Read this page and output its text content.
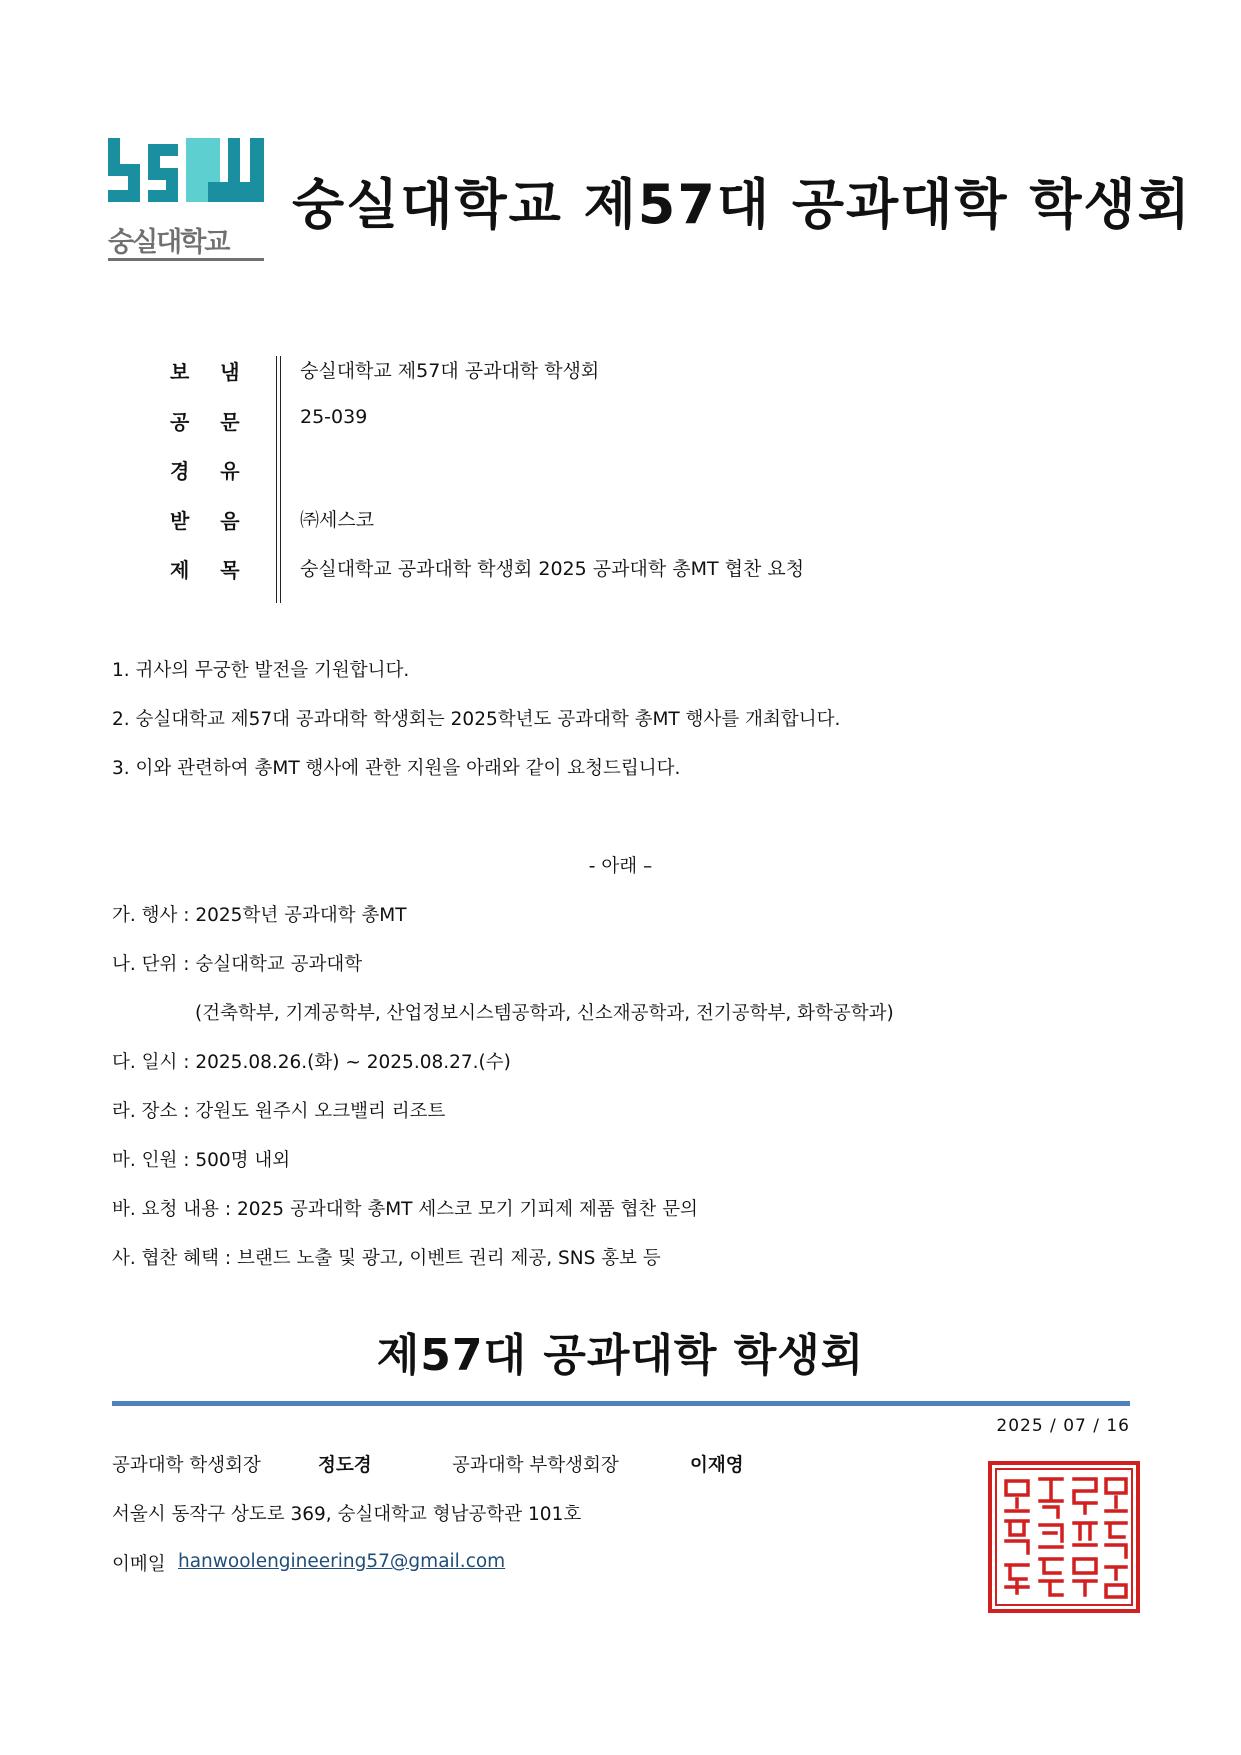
숭실대학교
숭실대학교 제57대 공과대학 학생회
보 냄	숭실대학교 제57대 공과대학 학생회
공 문	25-039
경 유
받 음	㈜세스코
제 목	숭실대학교 공과대학 학생회 2025 공과대학 총MT 협찬 요청
1. 귀사의 무궁한 발전을 기원합니다.
2. 숭실대학교 제57대 공과대학 학생회는 2025학년도 공과대학 총MT 행사를 개최합니다.
3. 이와 관련하여 총MT 행사에 관한 지원을 아래와 같이 요청드립니다.
- 아래 –
가. 행사 : 2025학년 공과대학 총MT
나. 단위 : 숭실대학교 공과대학
(건축학부, 기계공학부, 산업정보시스템공학과, 신소재공학과, 전기공학부, 화학공학과)
다. 일시 : 2025.08.26.(화) ~ 2025.08.27.(수)
라. 장소 : 강원도 원주시 오크밸리 리조트
마. 인원 : 500명 내외
바. 요청 내용 : 2025 공과대학 총MT 세스코 모기 기피제 제품 협찬 문의
사. 협찬 혜택 : 브랜드 노출 및 광고, 이벤트 권리 제공, SNS 홍보 등
제57대 공과대학 학생회
2025 / 07 / 16
공과대학 학생회장	정도경	공과대학 부학생회장	이재영
서울시 동작구 상도로 369, 숭실대학교 형남공학관 101호
이메일 hanwoolengineering57@gmail.com
